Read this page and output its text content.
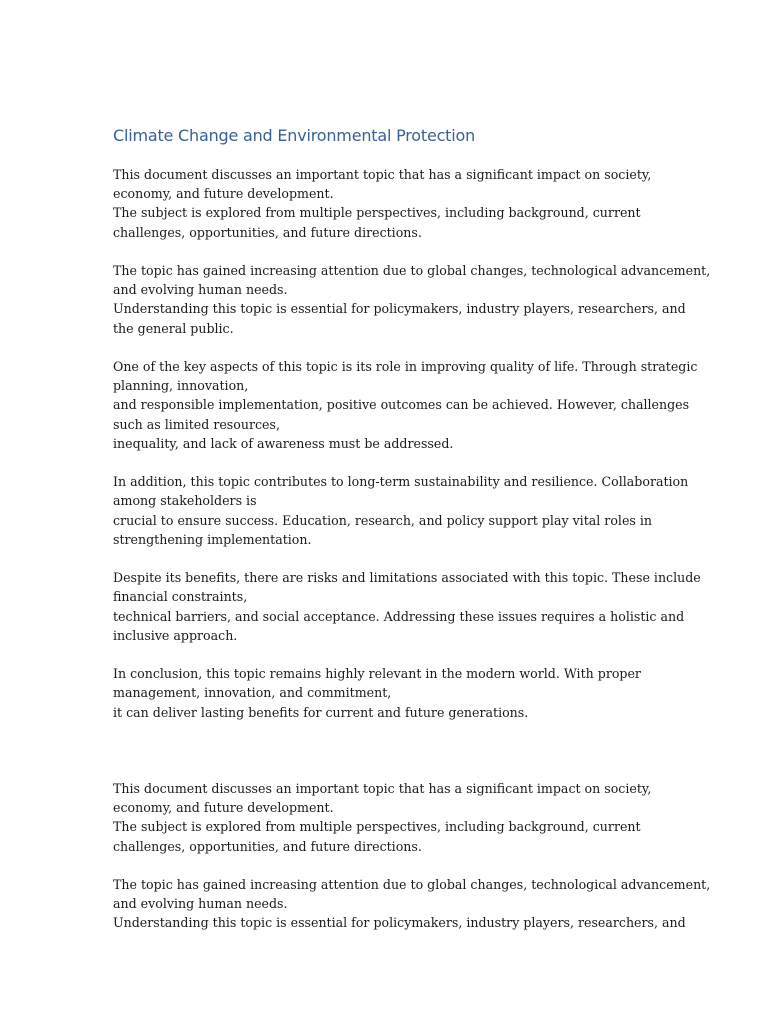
Climate Change and Environmental Protection

This document discusses an important topic that has a significant impact on society,
economy, and future development.
The subject is explored from multiple perspectives, including background, current
challenges, opportunities, and future directions.

The topic has gained increasing attention due to global changes, technological advancement,
and evolving human needs.
Understanding this topic is essential for policymakers, industry players, researchers, and
the general public.

One of the key aspects of this topic is its role in improving quality of life. Through strategic
planning, innovation,
and responsible implementation, positive outcomes can be achieved. However, challenges
such as limited resources,
inequality, and lack of awareness must be addressed.

In addition, this topic contributes to long-term sustainability and resilience. Collaboration
among stakeholders is
crucial to ensure success. Education, research, and policy support play vital roles in
strengthening implementation.

Despite its benefits, there are risks and limitations associated with this topic. These include
financial constraints,
technical barriers, and social acceptance. Addressing these issues requires a holistic and
inclusive approach.

In conclusion, this topic remains highly relevant in the modern world. With proper
management, innovation, and commitment,
it can deliver lasting benefits for current and future generations.

This document discusses an important topic that has a significant impact on society,
economy, and future development.
The subject is explored from multiple perspectives, including background, current
challenges, opportunities, and future directions.

The topic has gained increasing attention due to global changes, technological advancement,
and evolving human needs.
Understanding this topic is essential for policymakers, industry players, researchers, and
